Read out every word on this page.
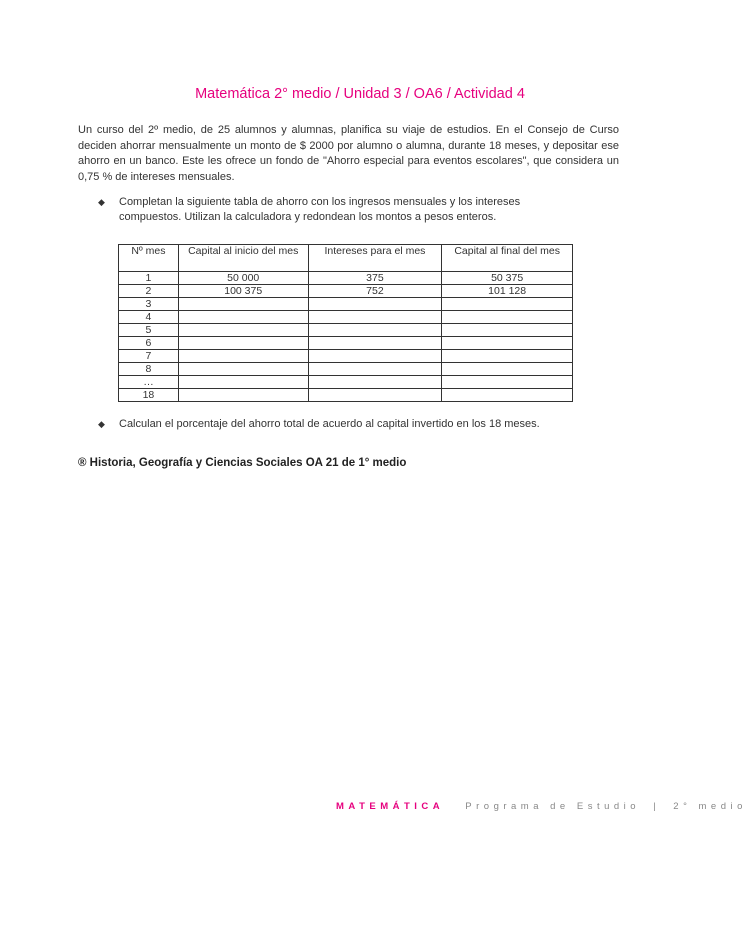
Matemática 2° medio / Unidad 3 / OA6 / Actividad 4
Un curso del 2º medio, de 25 alumnos y alumnas, planifica su viaje de estudios. En el Consejo de Curso deciden ahorrar mensualmente un monto de $ 2000 por alumno o alumna, durante 18 meses, y depositar ese ahorro en un banco. Este les ofrece un fondo de "Ahorro especial para eventos escolares", que considera un 0,75 % de intereses mensuales.
◆ Completan la siguiente tabla de ahorro con los ingresos mensuales y los intereses compuestos. Utilizan la calculadora y redondean los montos a pesos enteros.
Nº mes	Capital al inicio del mes	Intereses para el mes	Capital al final del mes
1	50 000	375	50 375
2	100 375	752	101 128
3			
4			
5			
6			
7			
8			
…			
18			
◆ Calculan el porcentaje del ahorro total de acuerdo al capital invertido en los 18 meses.
® Historia, Geografía y Ciencias Sociales OA 21 de 1° medio
MATEMÁTICA Programa de Estudio | 2° medio
